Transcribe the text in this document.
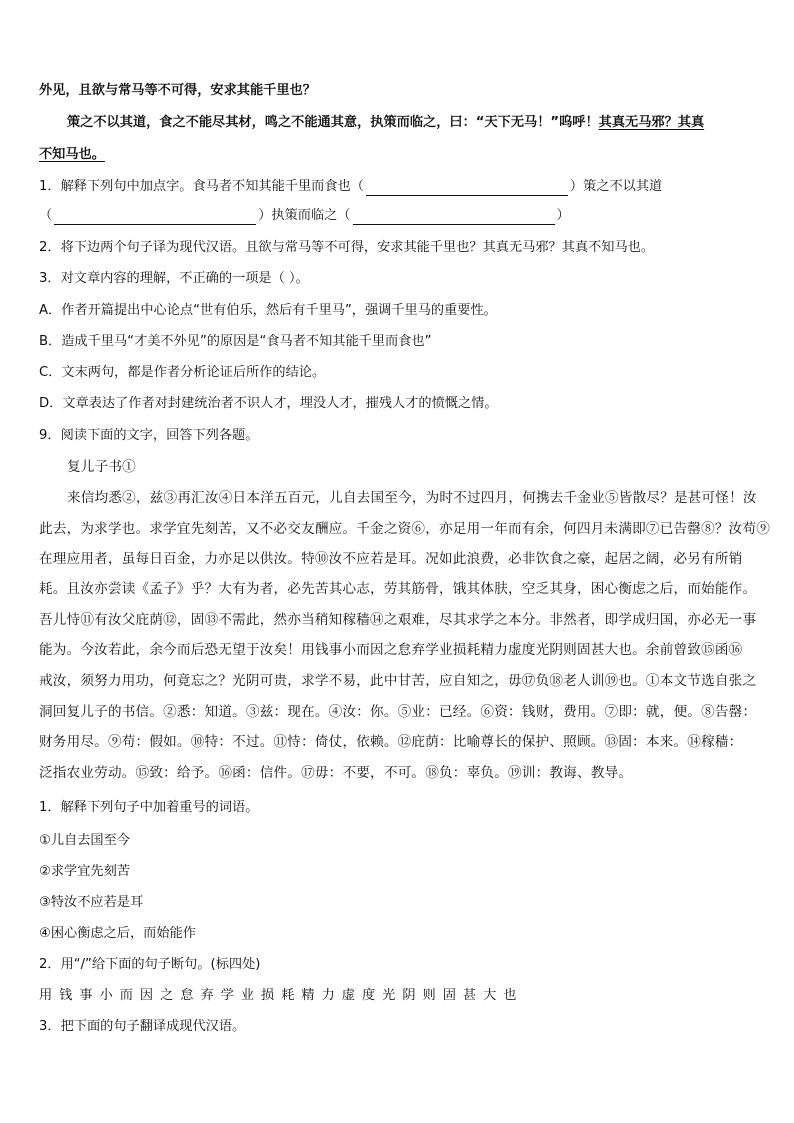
外见，且欲与常马等不可得，安求其能千里也？
策之不以其道，食之不能尽其材，鸣之不能通其意，执策而临之，曰：“天下无马！”呜呼！其真无马邪？其真
不知马也。
1．解释下列句中加点字。食马者不知其能千里而食也（	）策之不以其道
（	）执策而临之（	）
2．将下边两个句子译为现代汉语。且欲与常马等不可得，安求其能千里也？其真无马邪？其真不知马也。
3．对文章内容的理解，不正确的一项是（ ）。
A．作者开篇提出中心论点“世有伯乐，然后有千里马”，强调千里马的重要性。
B．造成千里马“才美不外见”的原因是“食马者不知其能千里而食也”
C．文末两句，都是作者分析论证后所作的结论。
D．文章表达了作者对封建统治者不识人才，埋没人才，摧残人才的愤慨之情。
9．阅读下面的文字，回答下列各题。
复儿子书①
来信均悉②，兹③再汇汝④日本洋五百元，儿自去国至今，为时不过四月，何携去千金业⑤皆散尽？是甚可怪！汝
此去，为求学也。求学宜先刻苦，又不必交友酬应。千金之资⑥，亦足用一年而有余，何四月未满即⑦已告罄⑧？汝苟⑨
在理应用者，虽每日百金，力亦足以供汝。特⑩汝不应若是耳。况如此浪费，必非饮食之豪，起居之阔，必另有所销
耗。且汝亦尝读《孟子》乎？大有为者，必先苦其心志，劳其筋骨，饿其体肤，空乏其身，困心衡虑之后，而始能作。
吾儿恃⑪有汝父庇荫⑫，固⑬不需此，然亦当稍知稼穑⑭之艰难，尽其求学之本分。非然者，即学成归国，亦必无一事
能为。今汝若此，余今而后恐无望于汝矣！用钱事小而因之怠弃学业损耗精力虚度光阴则固甚大也。余前曾致⑮函⑯
戒汝，须努力用功，何竟忘之？光阴可贵，求学不易，此中甘苦，应自知之，毋⑰负⑱老人训⑲也。①本文节选自张之
洞回复儿子的书信。②悉：知道。③兹：现在。④汝：你。⑤业：已经。⑥资：钱财，费用。⑦即：就，便。⑧告罄：
财务用尽。⑨苟：假如。⑩特：不过。⑪恃：倚仗，依赖。⑫庇荫：比喻尊长的保护、照顾。⑬固：本来。⑭稼穑：
泛指农业劳动。⑮致：给予。⑯函：信件。⑰毋：不要，不可。⑱负：辜负。⑲训：教诲、教导。
1．解释下列句子中加着重号的词语。
①儿自去国至今
②求学宜先刻苦
③特汝不应若是耳
④困心衡虑之后，而始能作
2．用“/”给下面的句子断句。(标四处)
用钱事小而因之怠弃学业损耗精力虚度光阴则固甚大也
3．把下面的句子翻译成现代汉语。
